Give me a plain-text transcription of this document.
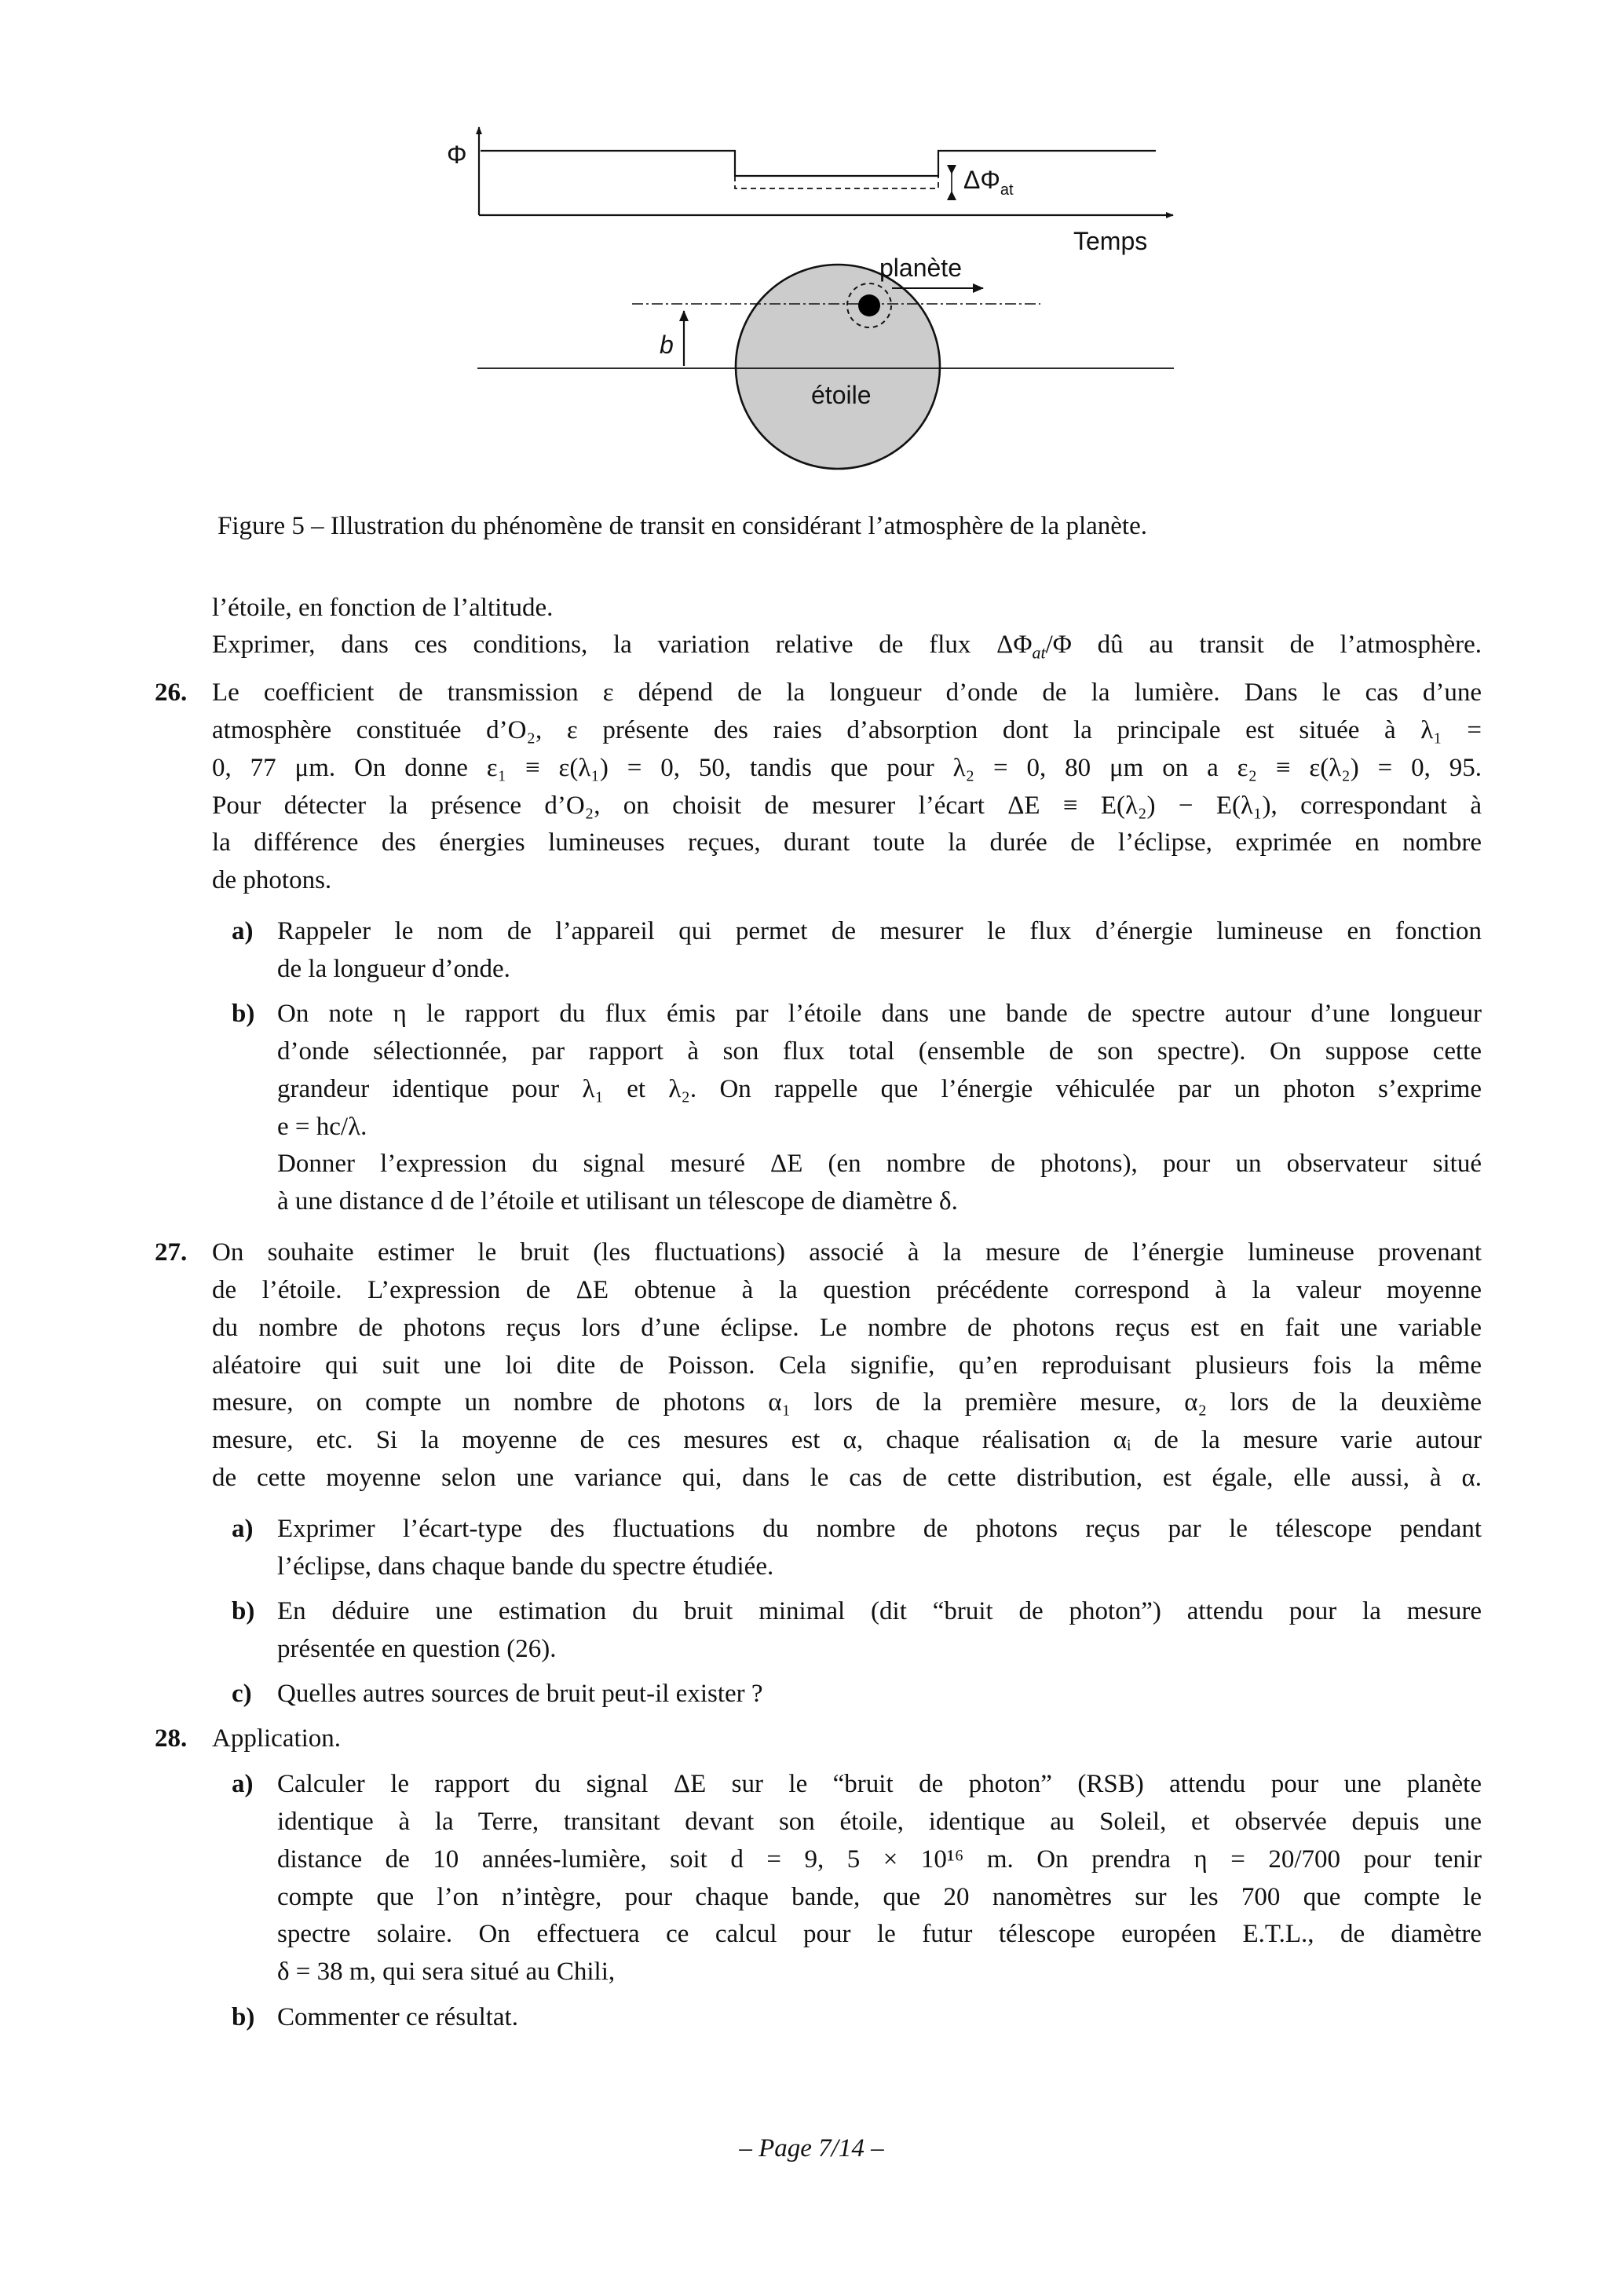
Φ
$\Delta\Phi_{at}$
Temps
b
planète
étoile
Figure 5 – Illustration du phénomène de transit en considérant l’atmosphère de la planète.
l’étoile, en fonction de l’altitude.
Exprimer, dans ces conditions, la variation relative de flux $\Delta\Phi_{at}/\Phi$ dû au transit de l’atmosphère.
26. Le coefficient de transmission ε dépend de la longueur d’onde de la lumière. Dans le cas d’une
atmosphère constituée d’O₂, ε présente des raies d’absorption dont la principale est située à λ₁ =
0, 77 μm. On donne ε₁ ≡ ε(λ₁) = 0, 50, tandis que pour λ₂ = 0, 80 μm on a ε₂ ≡ ε(λ₂) = 0, 95.
Pour détecter la présence d’O₂, on choisit de mesurer l’écart ΔE ≡ E(λ₂) − E(λ₁), correspondant à
la différence des énergies lumineuses reçues, durant toute la durée de l’éclipse, exprimée en nombre
de photons.
a) Rappeler le nom de l’appareil qui permet de mesurer le flux d’énergie lumineuse en fonction
de la longueur d’onde.
b) On note η le rapport du flux émis par l’étoile dans une bande de spectre autour d’une longueur
d’onde sélectionnée, par rapport à son flux total (ensemble de son spectre). On suppose cette
grandeur identique pour λ₁ et λ₂. On rappelle que l’énergie véhiculée par un photon s’exprime
e = hc/λ.
Donner l’expression du signal mesuré ΔE (en nombre de photons), pour un observateur situé
à une distance d de l’étoile et utilisant un télescope de diamètre δ.
27. On souhaite estimer le bruit (les fluctuations) associé à la mesure de l’énergie lumineuse provenant
de l’étoile. L’expression de ΔE obtenue à la question précédente correspond à la valeur moyenne
du nombre de photons reçus lors d’une éclipse. Le nombre de photons reçus est en fait une variable
aléatoire qui suit une loi dite de Poisson. Cela signifie, qu’en reproduisant plusieurs fois la même
mesure, on compte un nombre de photons α₁ lors de la première mesure, α₂ lors de la deuxième
mesure, etc. Si la moyenne de ces mesures est α, chaque réalisation αᵢ de la mesure varie autour
de cette moyenne selon une variance qui, dans le cas de cette distribution, est égale, elle aussi, à α.
a) Exprimer l’écart-type des fluctuations du nombre de photons reçus par le télescope pendant
l’éclipse, dans chaque bande du spectre étudiée.
b) En déduire une estimation du bruit minimal (dit “bruit de photon”) attendu pour la mesure
présentée en question (26).
c) Quelles autres sources de bruit peut-il exister ?
28. Application.
a) Calculer le rapport du signal ΔE sur le “bruit de photon” (RSB) attendu pour une planète
identique à la Terre, transitant devant son étoile, identique au Soleil, et observée depuis une
distance de 10 années-lumière, soit d = 9, 5 × 10¹⁶ m. On prendra η = 20/700 pour tenir
compte que l’on n’intègre, pour chaque bande, que 20 nanomètres sur les 700 que compte le
spectre solaire. On effectuera ce calcul pour le futur télescope européen E.T.L., de diamètre
δ = 38 m, qui sera situé au Chili,
b) Commenter ce résultat.
– Page 7/14 –
